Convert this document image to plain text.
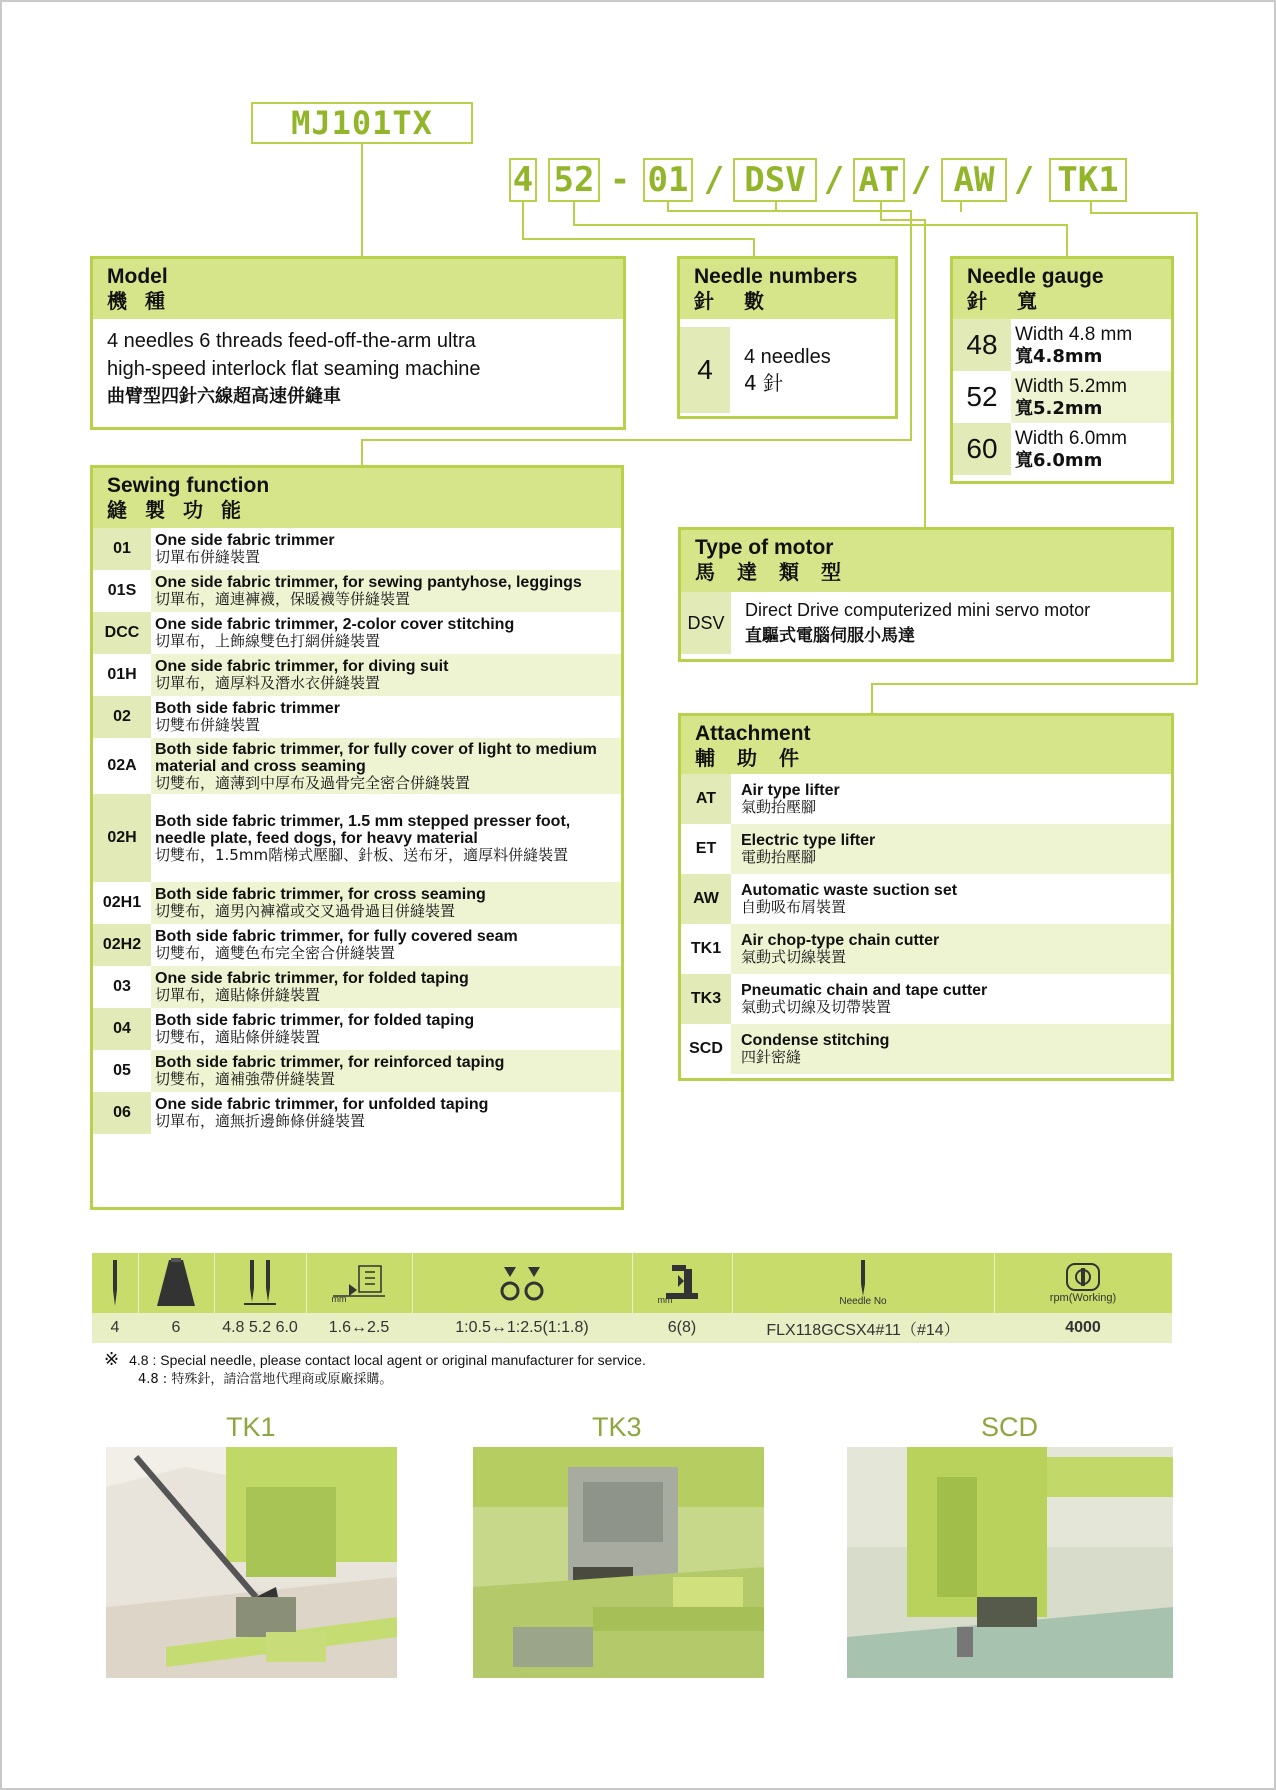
MJ101TX
4 52 - 01 / DSV / AT / AW / TK1
Model
機種
4 needles 6 threads feed-off-the-arm ultra
high-speed interlock flat seaming machine
曲臂型四針六線超高速併縫車
Needle numbers
針數
4	4 needles
4 針
Needle gauge
針寬
48 Width 4.8 mm
寬4.8mm
52 Width 5.2mm
寬5.2mm
60 Width 6.0mm
寬6.0mm
Sewing function
縫製功能
01	One side fabric trimmer
切單布併縫裝置
01S	One side fabric trimmer, for sewing pantyhose, leggings
切單布，適連褲襪，保暖襪等併縫裝置
DCC One side fabric trimmer, 2-color cover stitching
切單布，上飾線雙色打網併縫裝置
01H	One side fabric trimmer, for diving suit
切單布，適厚料及潛水衣併縫裝置
02	Both side fabric trimmer
切雙布併縫裝置
02A
Both side fabric trimmer, for fully cover of light to medium material and cross seaming
切雙布，適薄到中厚布及過骨完全密合併縫裝置
02H
Both side fabric trimmer, 1.5 mm stepped presser foot, needle plate, feed dogs, for heavy material
切雙布，1.5mm階梯式壓腳、針板、送布牙，適厚料併縫裝置
02H1 Both side fabric trimmer, for cross seaming
切雙布，適男內褲襠或交叉過骨過目併縫裝置
02H2 Both side fabric trimmer, for fully covered seam
切雙布，適雙色布完全密合併縫裝置
03	One side fabric trimmer, for folded taping
切單布，適貼條併縫裝置
04	Both side fabric trimmer, for folded taping
切雙布，適貼條併縫裝置
05	Both side fabric trimmer, for reinforced taping
切雙布，適補強帶併縫裝置
06	One side fabric trimmer, for unfolded taping
切單布，適無折邊飾條併縫裝置
Type of motor
馬達類型
DSV
Direct Drive computerized mini servo motor
直驅式電腦伺服小馬達
Attachment
輔助件
AT	Air type lifter
氣動抬壓腳
ET	Electric type lifter
電動抬壓腳
AW	Automatic waste suction set
自動吸布屑裝置
TK1	Air chop-type chain cutter
氣動式切線裝置
TK3	Pneumatic chain and tape cutter
氣動式切線及切帶裝置
SCD	Condense stitching
四針密縫
mm	mm	Needle No	rpm(Working)
4	6	4.8 5.2 6.0	1.6↔2.5	1:0.5↔1:2.5(1:1.8)	6(8)	FLX118GCSX4#11（#14）	4000
※ 4.8 : Special needle, please contact local agent or original manufacturer for service.
4.8 : 特殊針，請洽當地代理商或原廠採購。
TK1	TK3	SCD
